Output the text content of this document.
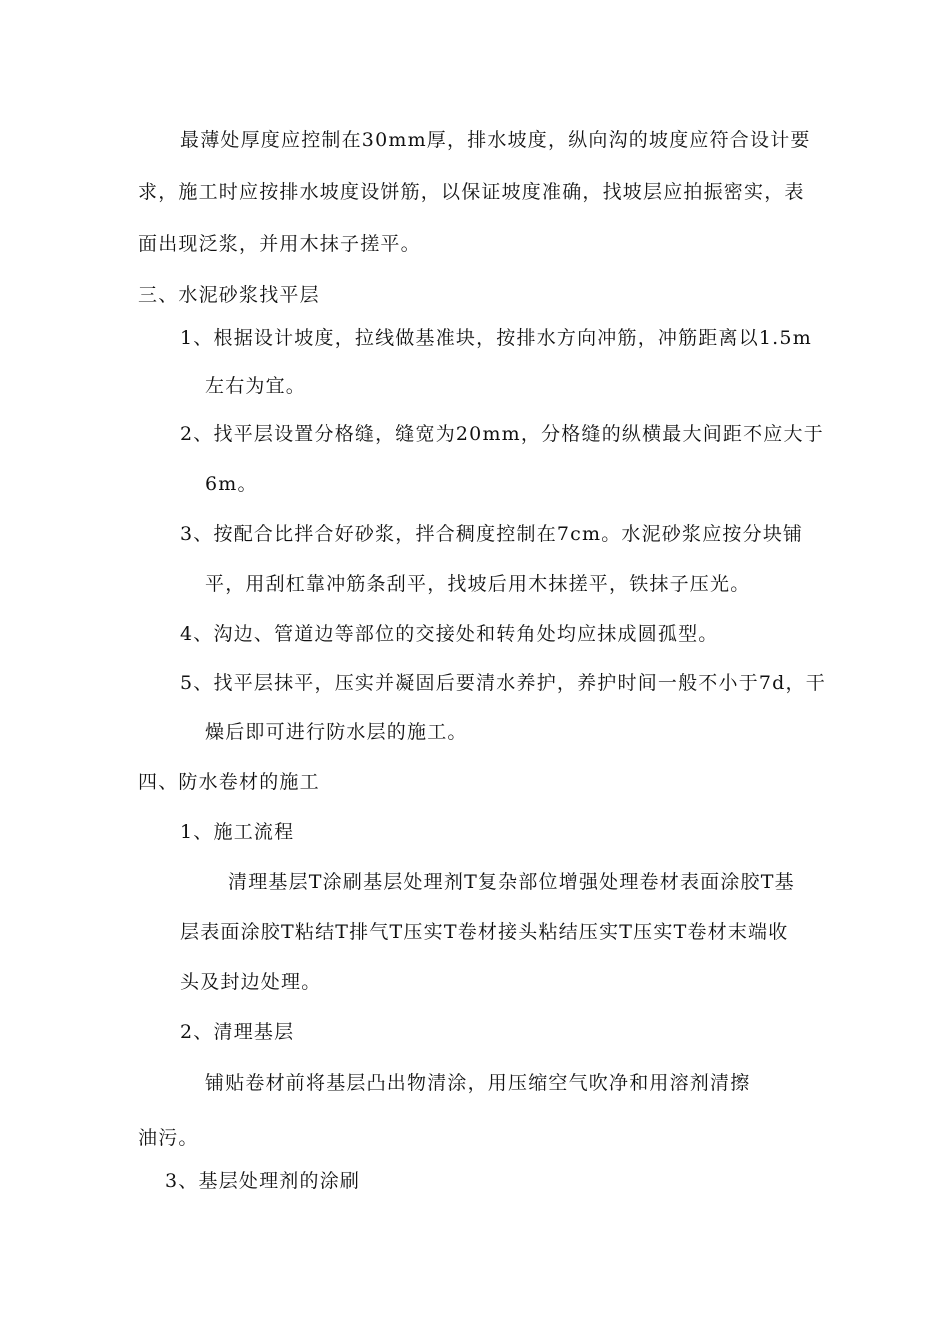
最薄处厚度应控制在30mm厚，排水坡度，纵向沟的坡度应符合设计要
求，施工时应按排水坡度设饼筋，以保证坡度准确，找坡层应拍振密实，表
面出现泛浆，并用木抹子搓平。
三、水泥砂浆找平层
1、根据设计坡度，拉线做基准块，按排水方向冲筋，冲筋距离以1.5m
左右为宜。
2、找平层设置分格缝，缝宽为20mm，分格缝的纵横最大间距不应大于
6m。
3、按配合比拌合好砂浆，拌合稠度控制在7cm。水泥砂浆应按分块铺
平，用刮杠靠冲筋条刮平，找坡后用木抹搓平，铁抹子压光。
4、沟边、管道边等部位的交接处和转角处均应抹成圆孤型。
5、找平层抹平，压实并凝固后要清水养护，养护时间一般不小于7d，干
燥后即可进行防水层的施工。
四、防水卷材的施工
1、施工流程
清理基层T涂刷基层处理剂T复杂部位增强处理卷材表面涂胶T基
层表面涂胶T粘结T排气T压实T卷材接头粘结压实T压实T卷材末端收
头及封边处理。
2、清理基层
铺贴卷材前将基层凸出物清涂，用压缩空气吹净和用溶剂清擦
油污。
3、基层处理剂的涂刷
